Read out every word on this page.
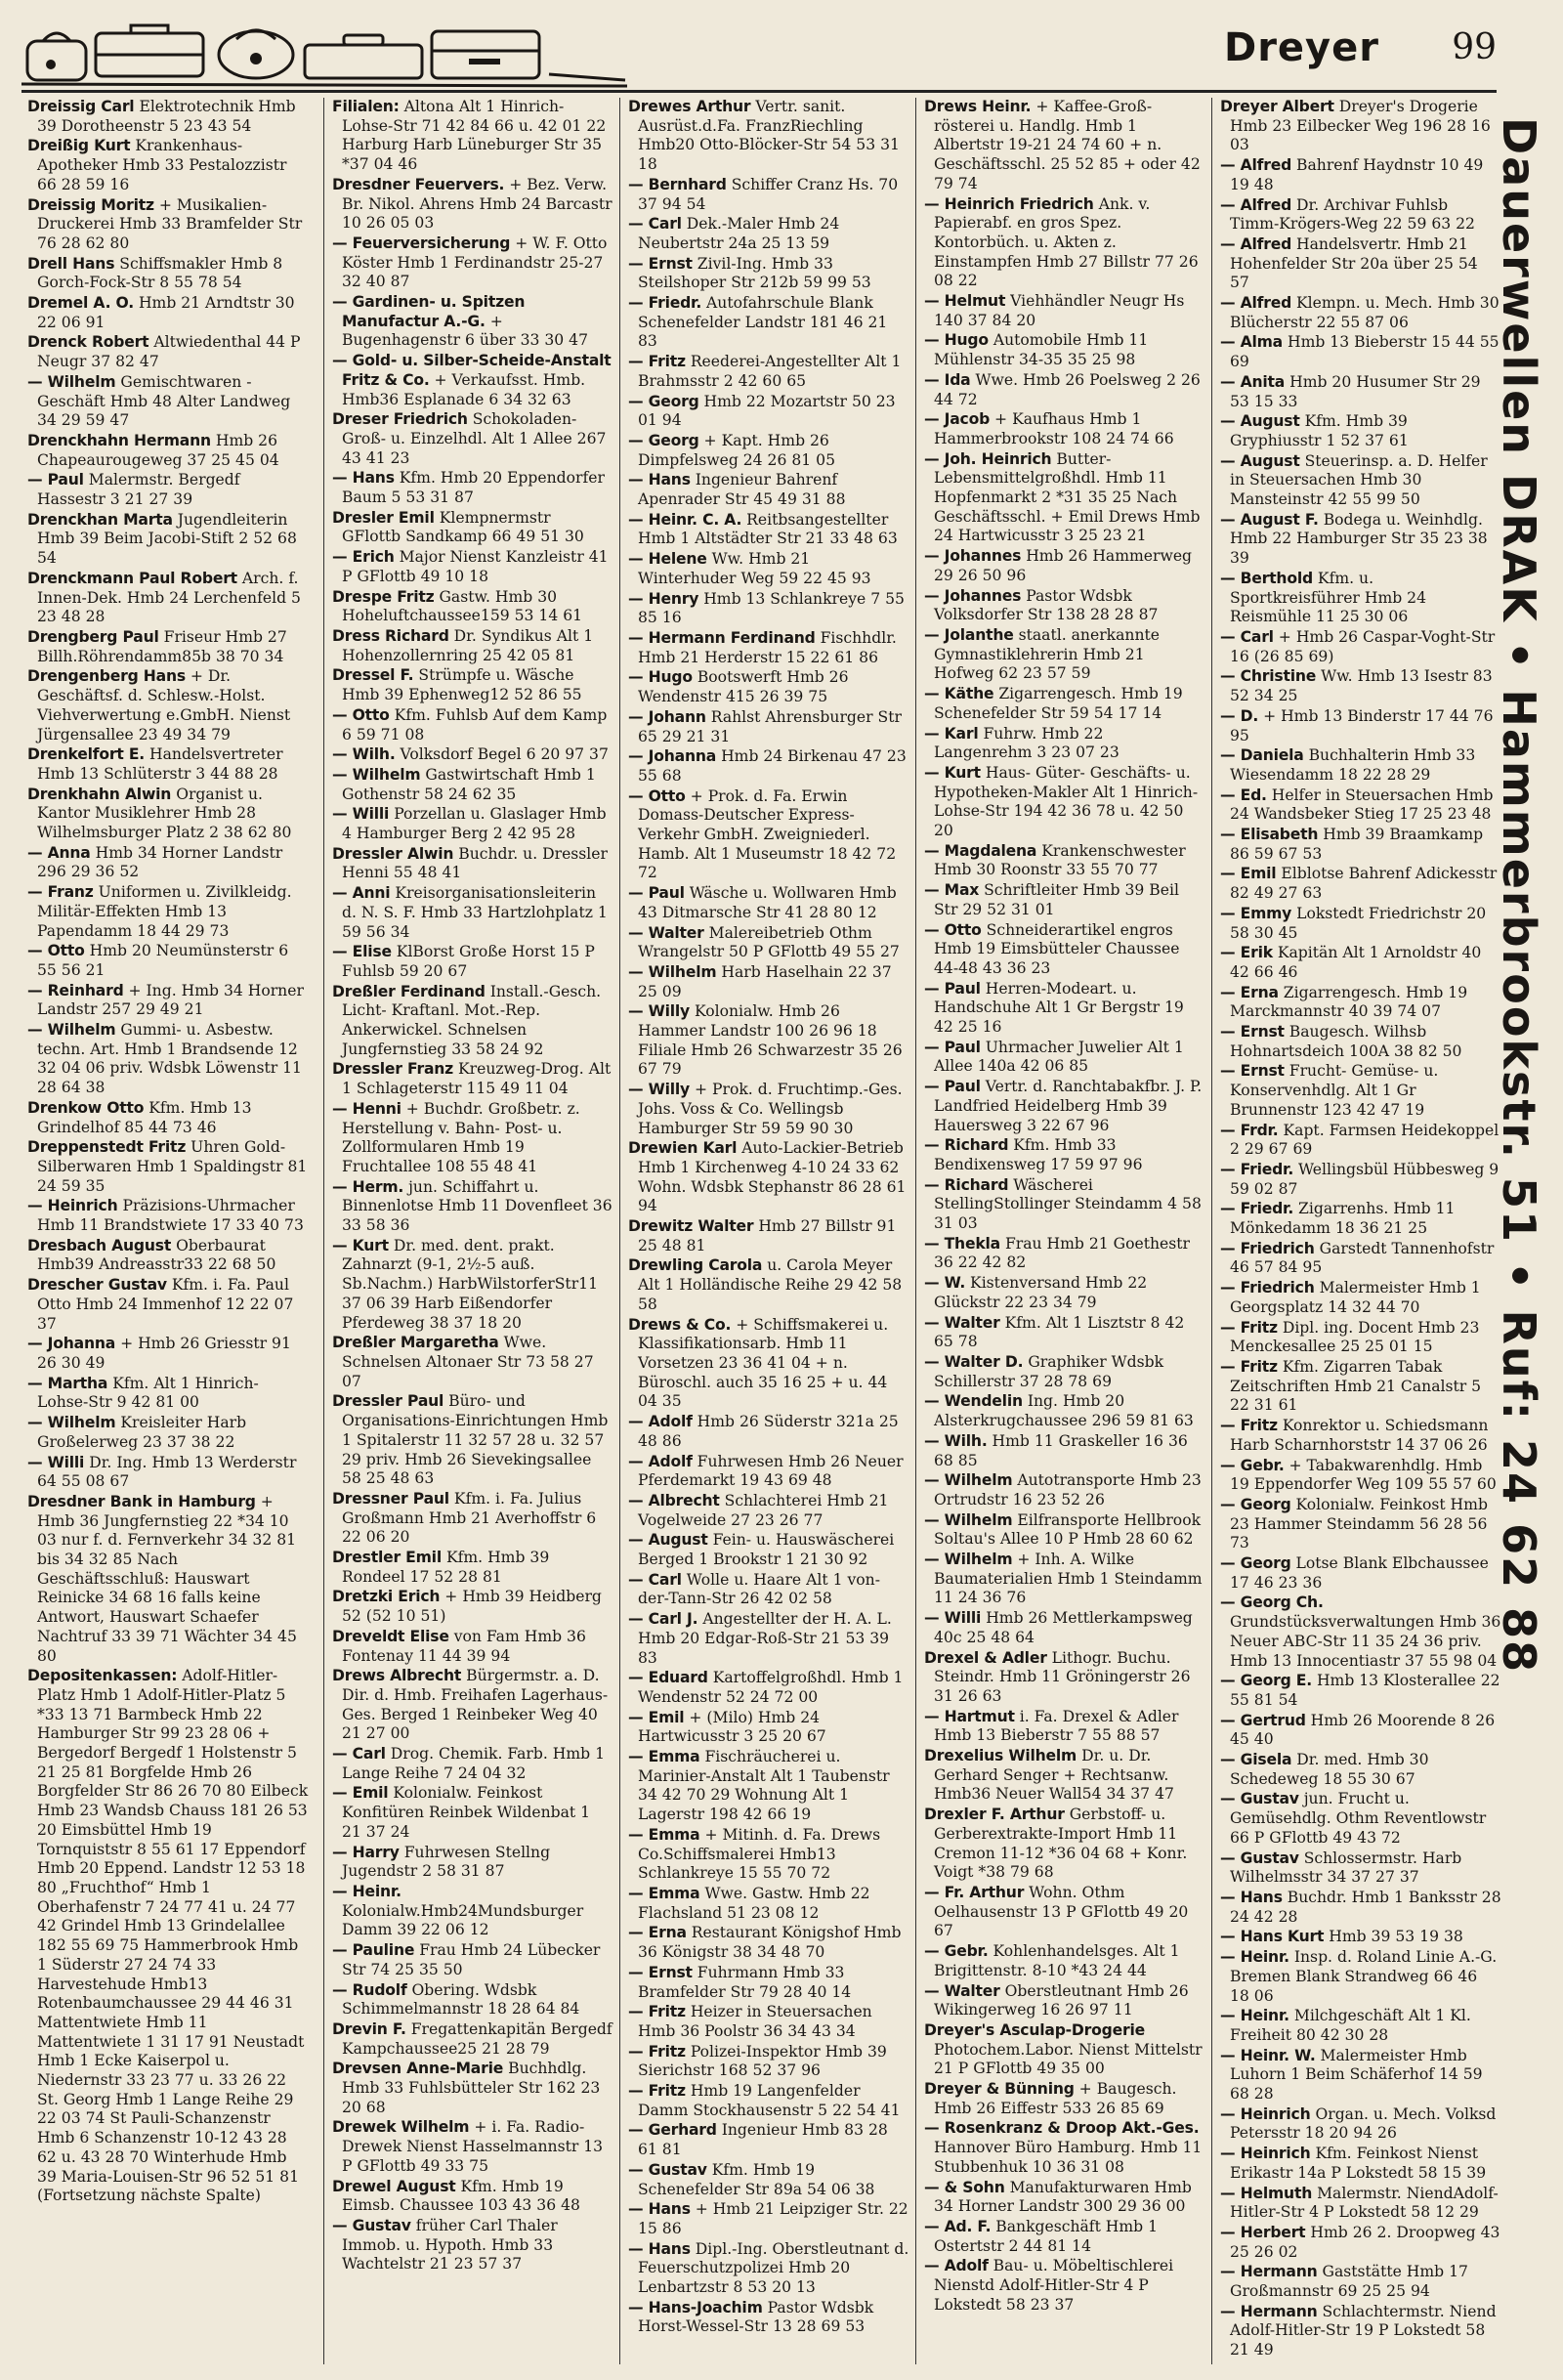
Dreyer 99
Dreissig Carl Elektrotechnik Hmb 39 Dorotheenstr 5 23 43 54
Dreißig Kurt Krankenhaus-Apotheker Hmb 33 Pestalozzistr 66 28 59 16
Dreissig Moritz + Musikalien-Druckerei Hmb 33 Bramfelder Str 76 28 62 80
Drell Hans Schiffsmakler Hmb 8 Gorch-Fock-Str 8 55 78 54
Dremel A. O. Hmb 21 Arndtstr 30 22 06 91
Drenck Robert Altwiedenthal 44 P Neugr 37 82 47
— Wilhelm Gemischtwaren - Geschäft Hmb 48 Alter Landweg 34 29 59 47
Drenckhahn Hermann Hmb 26 Chapeaurougeweg 37 25 45 04
— Paul Malermstr. Bergedf Hassestr 3 21 27 39
Drenckhan Marta Jugendleiterin Hmb 39 Beim Jacobi-Stift 2 52 68 54
Drenckmann Paul Robert Arch. f. Innen-Dek. Hmb 24 Lerchenfeld 5 23 48 28
Drengberg Paul Friseur Hmb 27 Billh.Röhrendamm85b 38 70 34
Drengenberg Hans + Dr. Geschäftsf. d. Schlesw.-Holst. Viehverwertung e.GmbH. Nienst Jürgensallee 23 49 34 79
Drenkelfort E. Handelsvertreter Hmb 13 Schlüterstr 3 44 88 28
Drenkhahn Alwin Organist u. Kantor Musiklehrer Hmb 28 Wilhelmsburger Platz 2 38 62 80
— Anna Hmb 34 Horner Landstr 296 29 36 52
— Franz Uniformen u. Zivilkleidg. Militär-Effekten Hmb 13 Papendamm 18 44 29 73
— Otto Hmb 20 Neumünsterstr 6 55 56 21
— Reinhard + Ing. Hmb 34 Horner Landstr 257 29 49 21
— Wilhelm Gummi- u. Asbestw. techn. Art. Hmb 1 Brandsende 12 32 04 06 priv. Wdsbk Löwenstr 11 28 64 38
Drenkow Otto Kfm. Hmb 13 Grindelhof 85 44 73 46
Dreppenstedt Fritz Uhren Gold-Silberwaren Hmb 1 Spaldingstr 81 24 59 35
— Heinrich Präzisions-Uhrmacher Hmb 11 Brandstwiete 17 33 40 73
Dresbach August Oberbaurat Hmb39 Andreasstr33 22 68 50
Drescher Gustav Kfm. i. Fa. Paul Otto Hmb 24 Immenhof 12 22 07 37
— Johanna + Hmb 26 Griesstr 91 26 30 49
— Martha Kfm. Alt 1 Hinrich-Lohse-Str 9 42 81 00
— Wilhelm Kreisleiter Harb Großelerweg 23 37 38 22
— Willi Dr. Ing. Hmb 13 Werderstr 64 55 08 67
Dresdner Bank in Hamburg + Hmb 36 Jungfernstieg 22 *34 10 03 nur f. d. Fernverkehr 34 32 81 bis 34 32 85 Nach Geschäftsschluß: Hauswart Reinicke 34 68 16 falls keine Antwort, Hauswart Schaefer Nachtruf 33 39 71 Wächter 34 45 80
Depositenkassen: Adolf-Hitler-Platz Hmb 1 Adolf-Hitler-Platz 5 *33 13 71 Barmbeck Hmb 22 Hamburger Str 99 23 28 06 + Bergedorf Bergedf 1 Holstenstr 5 21 25 81 Borgfelde Hmb 26 Borgfelder Str 86 26 70 80 Eilbeck Hmb 23 Wandsb Chauss 181 26 53 20 Eimsbüttel Hmb 19 Tornquiststr 8 55 61 17 Eppendorf Hmb 20 Eppend. Landstr 12 53 18 80 „Fruchthof“ Hmb 1 Oberhafenstr 7 24 77 41 u. 24 77 42 Grindel Hmb 13 Grindelallee 182 55 69 75 Hammerbrook Hmb 1 Süderstr 27 24 74 33 Harvestehude Hmb13 Rotenbaumchaussee 29 44 46 31 Mattentwiete Hmb 11 Mattentwiete 1 31 17 91 Neustadt Hmb 1 Ecke Kaiserpol u. Niedernstr 33 23 77 u. 33 26 22 St. Georg Hmb 1 Lange Reihe 29 22 03 74 St Pauli-Schanzenstr Hmb 6 Schanzenstr 10-12 43 28 62 u. 43 28 70 Winterhude Hmb 39 Maria-Louisen-Str 96 52 51 81 (Fortsetzung nächste Spalte)
Filialen: Altona Alt 1 Hinrich-Lohse-Str 71 42 84 66 u. 42 01 22 Harburg Harb Lüneburger Str 35 *37 04 46
Dresdner Feuervers. + Bez. Verw. Br. Nikol. Ahrens Hmb 24 Barcastr 10 26 05 03
— Feuerversicherung + W. F. Otto Köster Hmb 1 Ferdinandstr 25-27 32 40 87
— Gardinen- u. Spitzen Manufactur A.-G. + Bugenhagenstr 6 über 33 30 47
— Gold- u. Silber-Scheide-Anstalt Fritz & Co. + Verkaufsst. Hmb. Hmb36 Esplanade 6 34 32 63
Dreser Friedrich Schokoladen-Groß- u. Einzelhdl. Alt 1 Allee 267 43 41 23
— Hans Kfm. Hmb 20 Eppendorfer Baum 5 53 31 87
Dresler Emil Klempnermstr GFlottb Sandkamp 66 49 51 30
— Erich Major Nienst Kanzleistr 41 P GFlottb 49 10 18
Drespe Fritz Gastw. Hmb 30 Hoheluftchaussee159 53 14 61
Dress Richard Dr. Syndikus Alt 1 Hohenzollernring 25 42 05 81
Dressel F. Strümpfe u. Wäsche Hmb 39 Ephenweg12 52 86 55
— Otto Kfm. Fuhlsb Auf dem Kamp 6 59 71 08
— Wilh. Volksdorf Begel 6 20 97 37
— Wilhelm Gastwirtschaft Hmb 1 Gothenstr 58 24 62 35
— Willi Porzellan u. Glaslager Hmb 4 Hamburger Berg 2 42 95 28
Dressler Alwin Buchdr. u. Dressler Henni 55 48 41
— Anni Kreisorganisationsleiterin d. N. S. F. Hmb 33 Hartzlohplatz 1 59 56 34
— Elise KlBorst Große Horst 15 P Fuhlsb 59 20 67
Dreßler Ferdinand Install.-Gesch. Licht- Kraftanl. Mot.-Rep. Ankerwickel. Schnelsen Jungfernstieg 33 58 24 92
Dressler Franz Kreuzweg-Drog. Alt 1 Schlageterstr 115 49 11 04
— Henni + Buchdr. Großbetr. z. Herstellung v. Bahn- Post- u. Zollformularen Hmb 19 Fruchtallee 108 55 48 41
— Herm. jun. Schiffahrt u. Binnenlotse Hmb 11 Dovenfleet 36 33 58 36
— Kurt Dr. med. dent. prakt. Zahnarzt (9-1, 2½-5 auß. Sb.Nachm.) HarbWilstorferStr11 37 06 39 Harb Eißendorfer Pferdeweg 38 37 18 20
Dreßler Margaretha Wwe. Schnelsen Altonaer Str 73 58 27 07
Dressler Paul Büro- und Organisations-Einrichtungen Hmb 1 Spitalerstr 11 32 57 28 u. 32 57 29 priv. Hmb 26 Sievekingsallee 58 25 48 63
Dressner Paul Kfm. i. Fa. Julius Großmann Hmb 21 Averhoffstr 6 22 06 20
Drestler Emil Kfm. Hmb 39 Rondeel 17 52 28 81
Dretzki Erich + Hmb 39 Heidberg 52 (52 10 51)
Dreveldt Elise von Fam Hmb 36 Fontenay 11 44 39 94
Drews Albrecht Bürgermstr. a. D. Dir. d. Hmb. Freihafen Lagerhaus-Ges. Berged 1 Reinbeker Weg 40 21 27 00
— Carl Drog. Chemik. Farb. Hmb 1 Lange Reihe 7 24 04 32
— Emil Kolonialw. Feinkost Konfitüren Reinbek Wildenbat 1 21 37 24
— Harry Fuhrwesen Stellng Jugendstr 2 58 31 87
— Heinr. Kolonialw.Hmb24Mundsburger Damm 39 22 06 12
— Pauline Frau Hmb 24 Lübecker Str 74 25 35 50
— Rudolf Obering. Wdsbk Schimmelmannstr 18 28 64 84
Drevin F. Fregattenkapitän Bergedf Kampchaussee25 21 28 79
Drevsen Anne-Marie Buchhdlg. Hmb 33 Fuhlsbütteler Str 162 23 20 68
Drewek Wilhelm + i. Fa. Radio-Drewek Nienst Hasselmannstr 13 P GFlottb 49 33 75
Drewel August Kfm. Hmb 19 Eimsb. Chaussee 103 43 36 48
— Gustav früher Carl Thaler Immob. u. Hypoth. Hmb 33 Wachtelstr 21 23 57 37
Drewes Arthur Vertr. sanit. Ausrüst.d.Fa. FranzRiechling Hmb20 Otto-Blöcker-Str 54 53 31 18
— Bernhard Schiffer Cranz Hs. 70 37 94 54
— Carl Dek.-Maler Hmb 24 Neubertstr 24a 25 13 59
— Ernst Zivil-Ing. Hmb 33 Steilshoper Str 212b 59 99 53
— Friedr. Autofahrschule Blank Schenefelder Landstr 181 46 21 83
— Fritz Reederei-Angestellter Alt 1 Brahmsstr 2 42 60 65
— Georg Hmb 22 Mozartstr 50 23 01 94
— Georg + Kapt. Hmb 26 Dimpfelsweg 24 26 81 05
— Hans Ingenieur Bahrenf Apenrader Str 45 49 31 88
— Heinr. C. A. Reitbsangestellter Hmb 1 Altstädter Str 21 33 48 63
— Helene Ww. Hmb 21 Winterhuder Weg 59 22 45 93
— Henry Hmb 13 Schlankreye 7 55 85 16
— Hermann Ferdinand Fischhdlr. Hmb 21 Herderstr 15 22 61 86
— Hugo Bootswerft Hmb 26 Wendenstr 415 26 39 75
— Johann Rahlst Ahrensburger Str 65 29 21 31
— Johanna Hmb 24 Birkenau 47 23 55 68
— Otto + Prok. d. Fa. Erwin Domass-Deutscher Express-Verkehr GmbH. Zweigniederl. Hamb. Alt 1 Museumstr 18 42 72 72
— Paul Wäsche u. Wollwaren Hmb 43 Ditmarsche Str 41 28 80 12
— Walter Malereibetrieb Othm Wrangelstr 50 P GFlottb 49 55 27
— Wilhelm Harb Haselhain 22 37 25 09
— Willy Kolonialw. Hmb 26 Hammer Landstr 100 26 96 18 Filiale Hmb 26 Schwarzestr 35 26 67 79
— Willy + Prok. d. Fruchtimp.-Ges. Johs. Voss & Co. Wellingsb Hamburger Str 59 59 90 30
Drewien Karl Auto-Lackier-Betrieb Hmb 1 Kirchenweg 4-10 24 33 62 Wohn. Wdsbk Stephanstr 86 28 61 94
Drewitz Walter Hmb 27 Billstr 91 25 48 81
Drewling Carola u. Carola Meyer Alt 1 Holländische Reihe 29 42 58 58
Drews & Co. + Schiffsmakerei u. Klassifikationsarb. Hmb 11 Vorsetzen 23 36 41 04 + n. Büroschl. auch 35 16 25 + u. 44 04 35
— Adolf Hmb 26 Süderstr 321a 25 48 86
— Adolf Fuhrwesen Hmb 26 Neuer Pferdemarkt 19 43 69 48
— Albrecht Schlachterei Hmb 21 Vogelweide 27 23 26 77
— August Fein- u. Hauswäscherei Berged 1 Brookstr 1 21 30 92
— Carl Wolle u. Haare Alt 1 von-der-Tann-Str 26 42 02 58
— Carl J. Angestellter der H. A. L. Hmb 20 Edgar-Roß-Str 21 53 39 83
— Eduard Kartoffelgroßhdl. Hmb 1 Wendenstr 52 24 72 00
— Emil + (Milo) Hmb 24 Hartwicusstr 3 25 20 67
— Emma Fischräucherei u. Marinier-Anstalt Alt 1 Taubenstr 34 42 70 29 Wohnung Alt 1 Lagerstr 198 42 66 19
— Emma + Mitinh. d. Fa. Drews Co.Schiffsmalerei Hmb13 Schlankreye 15 55 70 72
— Emma Wwe. Gastw. Hmb 22 Flachsland 51 23 08 12
— Erna Restaurant Königshof Hmb 36 Königstr 38 34 48 70
— Ernst Fuhrmann Hmb 33 Bramfelder Str 79 28 40 14
— Fritz Heizer in Steuersachen Hmb 36 Poolstr 36 34 43 34
— Fritz Polizei-Inspektor Hmb 39 Sierichstr 168 52 37 96
— Fritz Hmb 19 Langenfelder Damm Stockhausenstr 5 22 54 41
— Gerhard Ingenieur Hmb 83 28 61 81
— Gustav Kfm. Hmb 19 Schenefelder Str 89a 54 06 38
— Hans + Hmb 21 Leipziger Str. 22 15 86
— Hans Dipl.-Ing. Oberstleutnant d. Feuerschutzpolizei Hmb 20 Lenbartzstr 8 53 20 13
— Hans-Joachim Pastor Wdsbk Horst-Wessel-Str 13 28 69 53
Drews Heinr. + Kaffee-Groß-rösterei u. Handlg. Hmb 1 Albertstr 19-21 24 74 60 + n. Geschäftsschl. 25 52 85 + oder 42 79 74
— Heinrich Friedrich Ank. v. Papierabf. en gros Spez. Kontorbüch. u. Akten z. Einstampfen Hmb 27 Billstr 77 26 08 22
— Helmut Viehhändler Neugr Hs 140 37 84 20
— Hugo Automobile Hmb 11 Mühlenstr 34-35 35 25 98
— Ida Wwe. Hmb 26 Poelsweg 2 26 44 72
— Jacob + Kaufhaus Hmb 1 Hammerbrookstr 108 24 74 66
— Joh. Heinrich Butter-Lebensmittelgroßhdl. Hmb 11 Hopfenmarkt 2 *31 35 25 Nach Geschäftsschl. + Emil Drews Hmb 24 Hartwicusstr 3 25 23 21
— Johannes Hmb 26 Hammerweg 29 26 50 96
— Johannes Pastor Wdsbk Volksdorfer Str 138 28 28 87
— Jolanthe staatl. anerkannte Gymnastiklehrerin Hmb 21 Hofweg 62 23 57 59
— Käthe Zigarrengesch. Hmb 19 Schenefelder Str 59 54 17 14
— Karl Fuhrw. Hmb 22 Langenrehm 3 23 07 23
— Kurt Haus- Güter- Geschäfts- u. Hypotheken-Makler Alt 1 Hinrich-Lohse-Str 194 42 36 78 u. 42 50 20
— Magdalena Krankenschwester Hmb 30 Roonstr 33 55 70 77
— Max Schriftleiter Hmb 39 Beil Str 29 52 31 01
— Otto Schneiderartikel engros Hmb 19 Eimsbütteler Chaussee 44-48 43 36 23
— Paul Herren-Modeart. u. Handschuhe Alt 1 Gr Bergstr 19 42 25 16
— Paul Uhrmacher Juwelier Alt 1 Allee 140a 42 06 85
— Paul Vertr. d. Ranchtabakfbr. J. P. Landfried Heidelberg Hmb 39 Hauersweg 3 22 67 96
— Richard Kfm. Hmb 33 Bendixensweg 17 59 97 96
— Richard Wäscherei StellingStollinger Steindamm 4 58 31 03
— Thekla Frau Hmb 21 Goethestr 36 22 42 82
— W. Kistenversand Hmb 22 Glückstr 22 23 34 79
— Walter Kfm. Alt 1 Lisztstr 8 42 65 78
— Walter D. Graphiker Wdsbk Schillerstr 37 28 78 69
— Wendelin Ing. Hmb 20 Alsterkrugchaussee 296 59 81 63
— Wilh. Hmb 11 Graskeller 16 36 68 85
— Wilhelm Autotransporte Hmb 23 Ortrudstr 16 23 52 26
— Wilhelm Eilfransporte Hellbrook Soltau's Allee 10 P Hmb 28 60 62
— Wilhelm + Inh. A. Wilke Baumaterialien Hmb 1 Steindamm 11 24 36 76
— Willi Hmb 26 Mettlerkampsweg 40c 25 48 64
Drexel & Adler Lithogr. Buchu. Steindr. Hmb 11 Gröningerstr 26 31 26 63
— Hartmut i. Fa. Drexel & Adler Hmb 13 Bieberstr 7 55 88 57
Drexelius Wilhelm Dr. u. Dr. Gerhard Senger + Rechtsanw. Hmb36 Neuer Wall54 34 37 47
Drexler F. Arthur Gerbstoff- u. Gerberextrakte-Import Hmb 11 Cremon 11-12 *36 04 68 + Konr. Voigt *38 79 68
— Fr. Arthur Wohn. Othm Oelhausenstr 13 P GFlottb 49 20 67
— Gebr. Kohlenhandelsges. Alt 1 Brigittenstr. 8-10 *43 24 44
— Walter Oberstleutnant Hmb 26 Wikingerweg 16 26 97 11
Dreyer's Asculap-Drogerie Photochem.Labor. Nienst Mittelstr 21 P GFlottb 49 35 00
Dreyer & Bünning + Baugesch. Hmb 26 Eiffestr 533 26 85 69
— Rosenkranz & Droop Akt.-Ges. Hannover Büro Hamburg. Hmb 11 Stubbenhuk 10 36 31 08
— & Sohn Manufakturwaren Hmb 34 Horner Landstr 300 29 36 00
— Ad. F. Bankgeschäft Hmb 1 Ostertstr 2 44 81 14
— Adolf Bau- u. Möbeltischlerei Nienstd Adolf-Hitler-Str 4 P Lokstedt 58 23 37
Dreyer Albert Dreyer's Drogerie Hmb 23 Eilbecker Weg 196 28 16 03
— Alfred Bahrenf Haydnstr 10 49 19 48
— Alfred Dr. Archivar Fuhlsb Timm-Krögers-Weg 22 59 63 22
— Alfred Handelsvertr. Hmb 21 Hohenfelder Str 20a über 25 54 57
— Alfred Klempn. u. Mech. Hmb 30 Blücherstr 22 55 87 06
— Alma Hmb 13 Bieberstr 15 44 55 69
— Anita Hmb 20 Husumer Str 29 53 15 33
— August Kfm. Hmb 39 Gryphiusstr 1 52 37 61
— August Steuerinsp. a. D. Helfer in Steuersachen Hmb 30 Mansteinstr 42 55 99 50
— August F. Bodega u. Weinhdlg. Hmb 22 Hamburger Str 35 23 38 39
— Berthold Kfm. u. Sportkreisführer Hmb 24 Reismühle 11 25 30 06
— Carl + Hmb 26 Caspar-Voght-Str 16 (26 85 69)
— Christine Ww. Hmb 13 Isestr 83 52 34 25
— D. + Hmb 13 Binderstr 17 44 76 95
— Daniela Buchhalterin Hmb 33 Wiesendamm 18 22 28 29
— Ed. Helfer in Steuersachen Hmb 24 Wandsbeker Stieg 17 25 23 48
— Elisabeth Hmb 39 Braamkamp 86 59 67 53
— Emil Elblotse Bahrenf Adickesstr 82 49 27 63
— Emmy Lokstedt Friedrichstr 20 58 30 45
— Erik Kapitän Alt 1 Arnoldstr 40 42 66 46
— Erna Zigarrengesch. Hmb 19 Marckmannstr 40 39 74 07
— Ernst Baugesch. Wilhsb Hohnartsdeich 100A 38 82 50
— Ernst Frucht- Gemüse- u. Konservenhdlg. Alt 1 Gr Brunnenstr 123 42 47 19
— Frdr. Kapt. Farmsen Heidekoppel 2 29 67 69
— Friedr. Wellingsbül Hübbesweg 9 59 02 87
— Friedr. Zigarrenhs. Hmb 11 Mönkedamm 18 36 21 25
— Friedrich Garstedt Tannenhofstr 46 57 84 95
— Friedrich Malermeister Hmb 1 Georgsplatz 14 32 44 70
— Fritz Dipl. ing. Docent Hmb 23 Menckesallee 25 25 01 15
— Fritz Kfm. Zigarren Tabak Zeitschriften Hmb 21 Canalstr 5 22 31 61
— Fritz Konrektor u. Schiedsmann Harb Scharnhorststr 14 37 06 26
— Gebr. + Tabakwarenhdlg. Hmb 19 Eppendorfer Weg 109 55 57 60
— Georg Kolonialw. Feinkost Hmb 23 Hammer Steindamm 56 28 56 73
— Georg Lotse Blank Elbchaussee 17 46 23 36
— Georg Ch. Grundstücksverwaltungen Hmb 36 Neuer ABC-Str 11 35 24 36 priv. Hmb 13 Innocentiastr 37 55 98 04
— Georg E. Hmb 13 Klosterallee 22 55 81 54
— Gertrud Hmb 26 Moorende 8 26 45 40
— Gisela Dr. med. Hmb 30 Schedeweg 18 55 30 67
— Gustav jun. Frucht u. Gemüsehdlg. Othm Reventlowstr 66 P GFlottb 49 43 72
— Gustav Schlossermstr. Harb Wilhelmsstr 34 37 27 37
— Hans Buchdr. Hmb 1 Banksstr 28 24 42 28
— Hans Kurt Hmb 39 53 19 38
— Heinr. Insp. d. Roland Linie A.-G. Bremen Blank Strandweg 66 46 18 06
— Heinr. Milchgeschäft Alt 1 Kl. Freiheit 80 42 30 28
— Heinr. W. Malermeister Hmb Luhorn 1 Beim Schäferhof 14 59 68 28
— Heinrich Organ. u. Mech. Volksd Petersstr 18 20 94 26
— Heinrich Kfm. Feinkost Nienst Erikastr 14a P Lokstedt 58 15 39
— Helmuth Malermstr. NiendAdolf-Hitler-Str 4 P Lokstedt 58 12 29
— Herbert Hmb 26 2. Droopweg 43 25 26 02
— Hermann Gaststätte Hmb 17 Großmannstr 69 25 25 94
— Hermann Schlachtermstr. Niend Adolf-Hitler-Str 19 P Lokstedt 58 21 49
Dauerwellen DRAK • Hammerbrookstr. 51 • Ruf: 24 62 88
